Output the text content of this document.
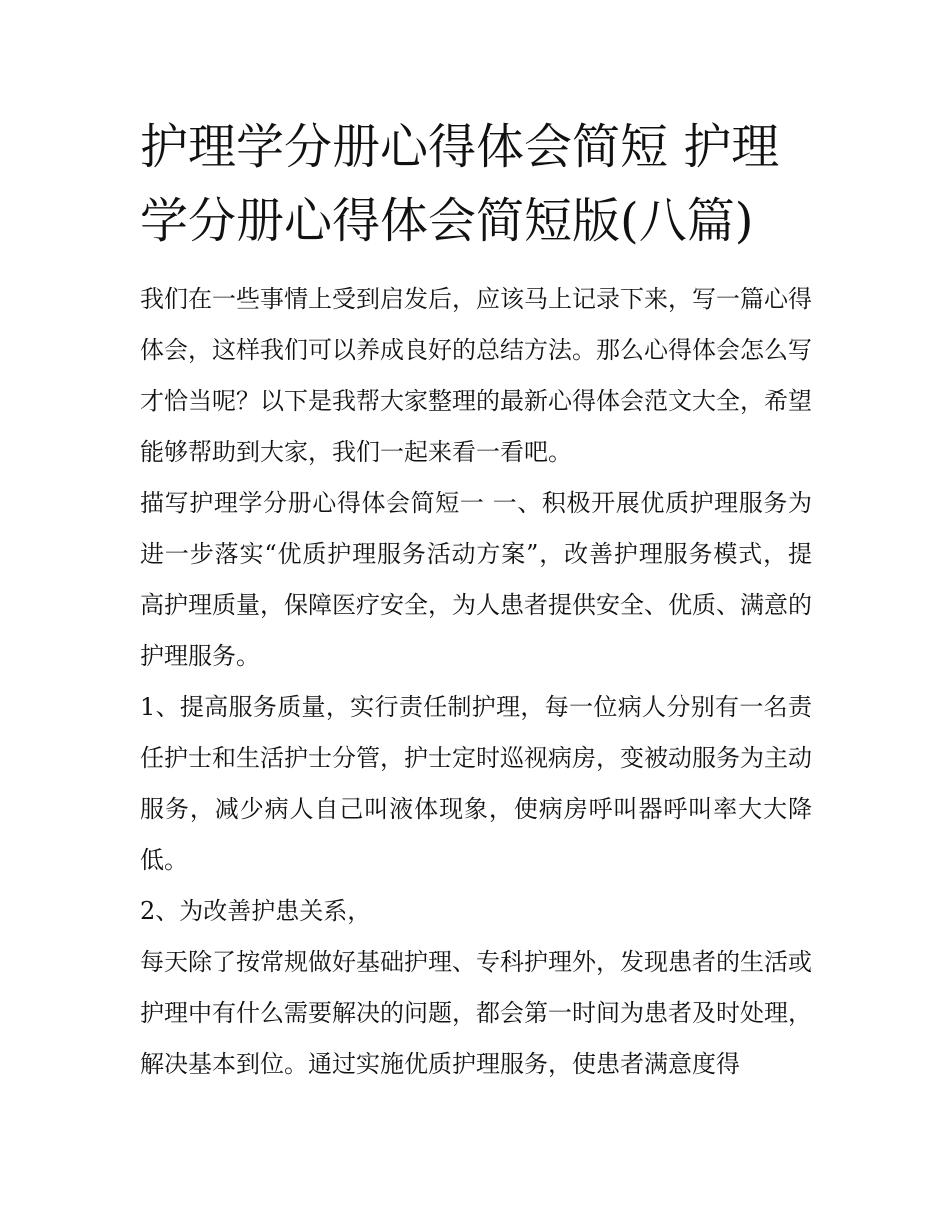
护理学分册心得体会简短 护理
学分册心得体会简短版(八篇)

我们在一些事情上受到启发后，应该马上记录下来，写一篇心得体会，这样我们可以养成良好的总结方法。那么心得体会怎么写才恰当呢？以下是我帮大家整理的最新心得体会范文大全，希望能够帮助到大家，我们一起来看一看吧。

描写护理学分册心得体会简短一 一、积极开展优质护理服务为进一步落实“优质护理服务活动方案”，改善护理服务模式，提高护理质量，保障医疗安全，为人患者提供安全、优质、满意的护理服务。

1、提高服务质量，实行责任制护理，每一位病人分别有一名责任护士和生活护士分管，护士定时巡视病房，变被动服务为主动服务，减少病人自己叫液体现象，使病房呼叫器呼叫率大大降低。

2、为改善护患关系，

每天除了按常规做好基础护理、专科护理外，发现患者的生活或护理中有什么需要解决的问题，都会第一时间为患者及时处理，解决基本到位。通过实施优质护理服务，使患者满意度得
